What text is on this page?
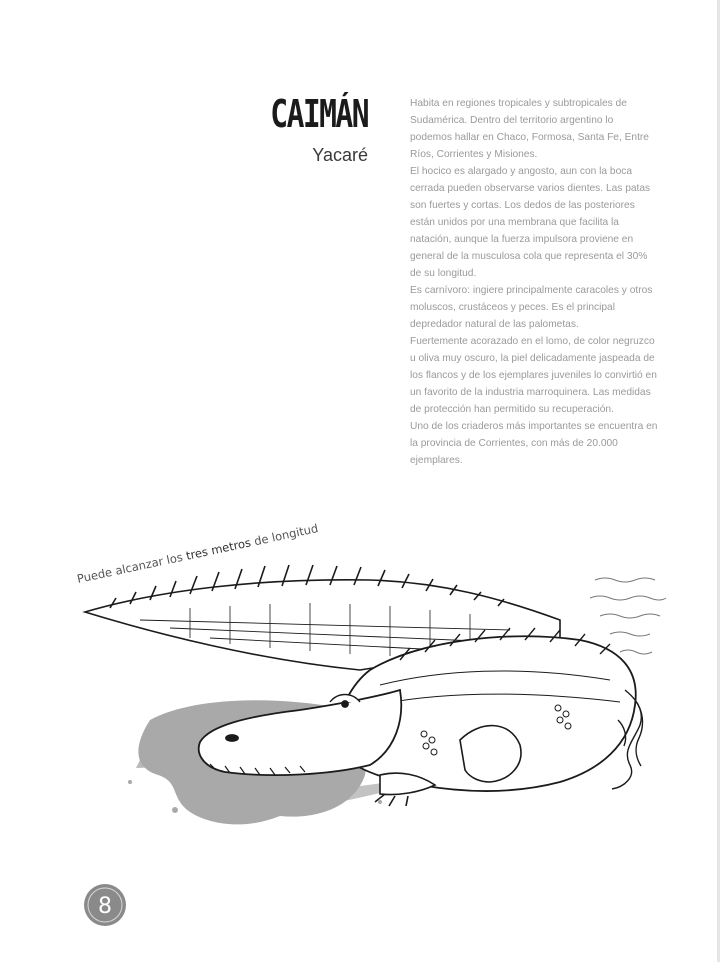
CAIMÁN
Yacaré

Habita en regiones tropicales y subtropicales de Sudamérica. Dentro del territorio argentino lo podemos hallar en Chaco, Formosa, Santa Fe, Entre Ríos, Corrientes y Misiones.

El hocico es alargado y angosto, aun con la boca cerrada pueden observarse varios dientes. Las patas son fuertes y cortas. Los dedos de las posteriores están unidos por una membrana que facilita la natación, aunque la fuerza impulsora proviene en general de la musculosa cola que representa el 30% de su longitud.

Es carnívoro: ingiere principalmente caracoles y otros moluscos, crustáceos y peces. Es el principal depredador natural de las palometas.

Fuertemente acorazado en el lomo, de color negruzco u oliva muy oscuro, la piel delicadamente jaspeada de los flancos y de los ejemplares juveniles lo convirtió en un favorito de la industria marroquinera. Las medidas de protección han permitido su recuperación.

Uno de los criaderos más importantes se encuentra en la provincia de Corrientes, con más de 20.000 ejemplares.

Puede alcanzar los tres metros de longitud
8
